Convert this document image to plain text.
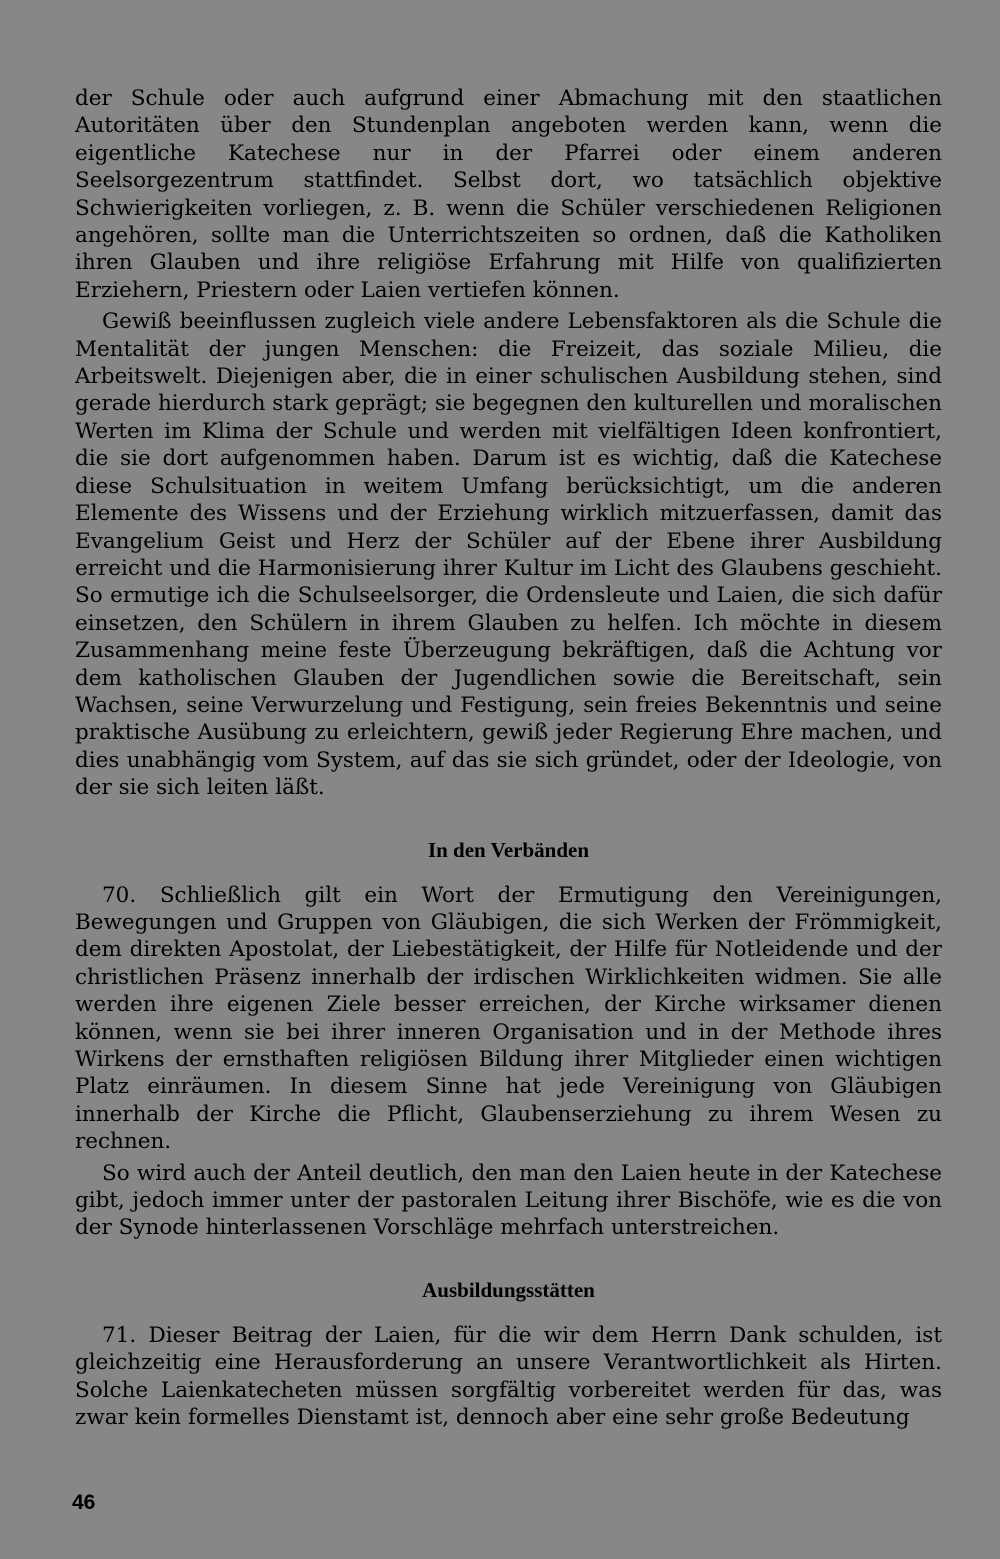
der Schule oder auch aufgrund einer Abmachung mit den staatlichen Autoritäten über den Stundenplan angeboten werden kann, wenn die eigentliche Katechese nur in der Pfarrei oder einem anderen Seelsorgezentrum stattfindet. Selbst dort, wo tatsächlich objektive Schwierigkeiten vorliegen, z. B. wenn die Schüler verschiedenen Religionen angehören, sollte man die Unterrichtszeiten so ordnen, daß die Katholiken ihren Glauben und ihre religiöse Erfahrung mit Hilfe von qualifizierten Erziehern, Priestern oder Laien vertiefen können.

Gewiß beeinflussen zugleich viele andere Lebensfaktoren als die Schule die Mentalität der jungen Menschen: die Freizeit, das soziale Milieu, die Arbeitswelt. Diejenigen aber, die in einer schulischen Ausbildung stehen, sind gerade hierdurch stark geprägt; sie begegnen den kulturellen und moralischen Werten im Klima der Schule und werden mit vielfältigen Ideen konfrontiert, die sie dort aufgenommen haben. Darum ist es wichtig, daß die Katechese diese Schulsituation in weitem Umfang berücksichtigt, um die anderen Elemente des Wissens und der Erziehung wirklich mitzuerfassen, damit das Evangelium Geist und Herz der Schüler auf der Ebene ihrer Ausbildung erreicht und die Harmonisierung ihrer Kultur im Licht des Glaubens geschieht. So ermutige ich die Schulseelsorger, die Ordensleute und Laien, die sich dafür einsetzen, den Schülern in ihrem Glauben zu helfen. Ich möchte in diesem Zusammenhang meine feste Überzeugung bekräftigen, daß die Achtung vor dem katholischen Glauben der Jugendlichen sowie die Bereitschaft, sein Wachsen, seine Verwurzelung und Festigung, sein freies Bekenntnis und seine praktische Ausübung zu erleichtern, gewiß jeder Regierung Ehre machen, und dies unabhängig vom System, auf das sie sich gründet, oder der Ideologie, von der sie sich leiten läßt.

In den Verbänden

70. Schließlich gilt ein Wort der Ermutigung den Vereinigungen, Bewegungen und Gruppen von Gläubigen, die sich Werken der Frömmigkeit, dem direkten Apostolat, der Liebestätigkeit, der Hilfe für Notleidende und der christlichen Präsenz innerhalb der irdischen Wirklichkeiten widmen. Sie alle werden ihre eigenen Ziele besser erreichen, der Kirche wirksamer dienen können, wenn sie bei ihrer inneren Organisation und in der Methode ihres Wirkens der ernsthaften religiösen Bildung ihrer Mitglieder einen wichtigen Platz einräumen. In diesem Sinne hat jede Vereinigung von Gläubigen innerhalb der Kirche die Pflicht, Glaubenserziehung zu ihrem Wesen zu rechnen.

So wird auch der Anteil deutlich, den man den Laien heute in der Katechese gibt, jedoch immer unter der pastoralen Leitung ihrer Bischöfe, wie es die von der Synode hinterlassenen Vorschläge mehrfach unterstreichen.

Ausbildungsstätten

71. Dieser Beitrag der Laien, für die wir dem Herrn Dank schulden, ist gleichzeitig eine Herausforderung an unsere Verantwortlichkeit als Hirten. Solche Laienkatecheten müssen sorgfältig vorbereitet werden für das, was zwar kein formelles Dienstamt ist, dennoch aber eine sehr große Bedeutung

46
